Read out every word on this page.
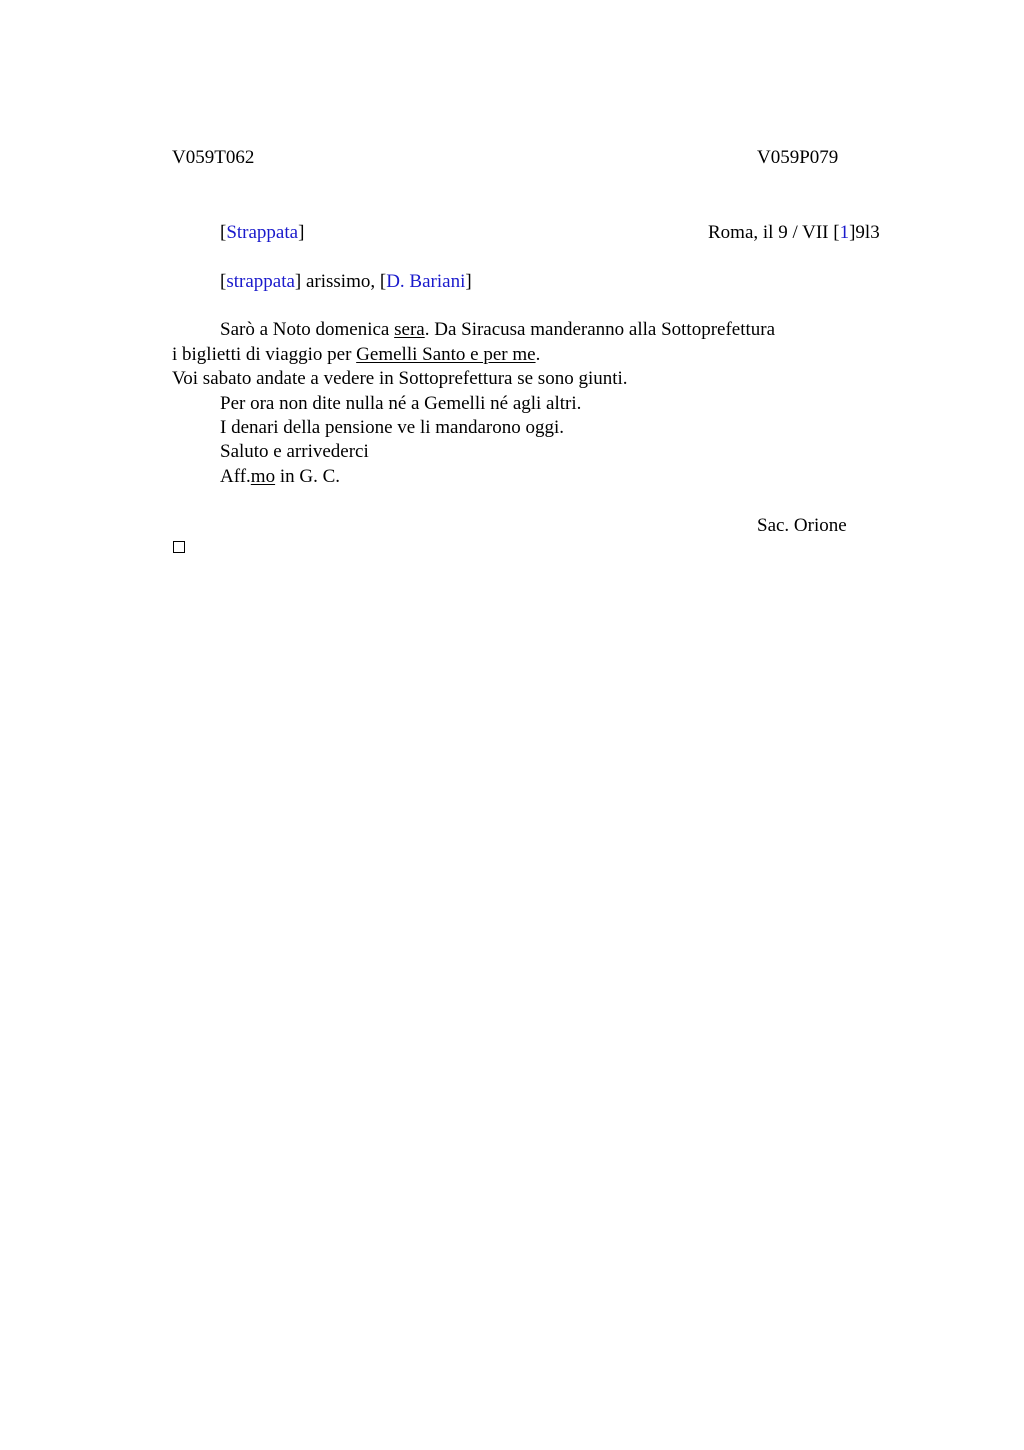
V059T062	V059P079
[Strappata]	Roma, il 9 / VII [1]9l3
[strappata] arissimo, [D. Bariani]
Sarò a Noto domenica sera. Da Siracusa manderanno alla Sottoprefettura
i biglietti di viaggio per Gemelli Santo e per me.
Voi sabato andate a vedere in Sottoprefettura se sono giunti.
Per ora non dite nulla né a Gemelli né agli altri.
I denari della pensione ve li mandarono oggi.
Saluto e arrivederci
Aff.mo in G. C.
Sac. Orione
